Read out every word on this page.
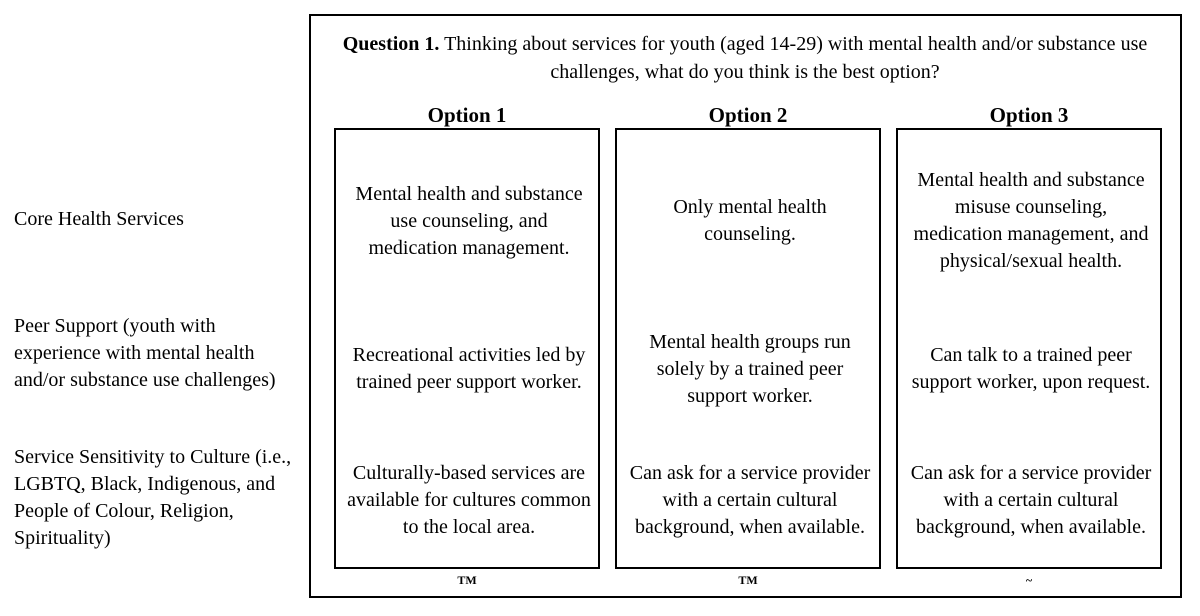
Core Health Services
Peer Support (youth with experience with mental health and/or substance use challenges)
Service Sensitivity to Culture (i.e., LGBTQ, Black, Indigenous, and People of Colour, Religion, Spirituality)
Question 1. Thinking about services for youth (aged 14-29) with mental health and/or substance use challenges, what do you think is the best option?
Option 1
Mental health and substance use counseling, and medication management.
Recreational activities led by trained peer support worker.
Culturally-based services are available for cultures common to the local area.
TM
Option 2
Only mental health counseling.
Mental health groups run solely by a trained peer support worker.
Can ask for a service provider with a certain cultural background, when available.
TM
Option 3
Mental health and substance misuse counseling, medication management, and physical/sexual health.
Can talk to a trained peer support worker, upon request.
Can ask for a service provider with a certain cultural background, when available.
~
